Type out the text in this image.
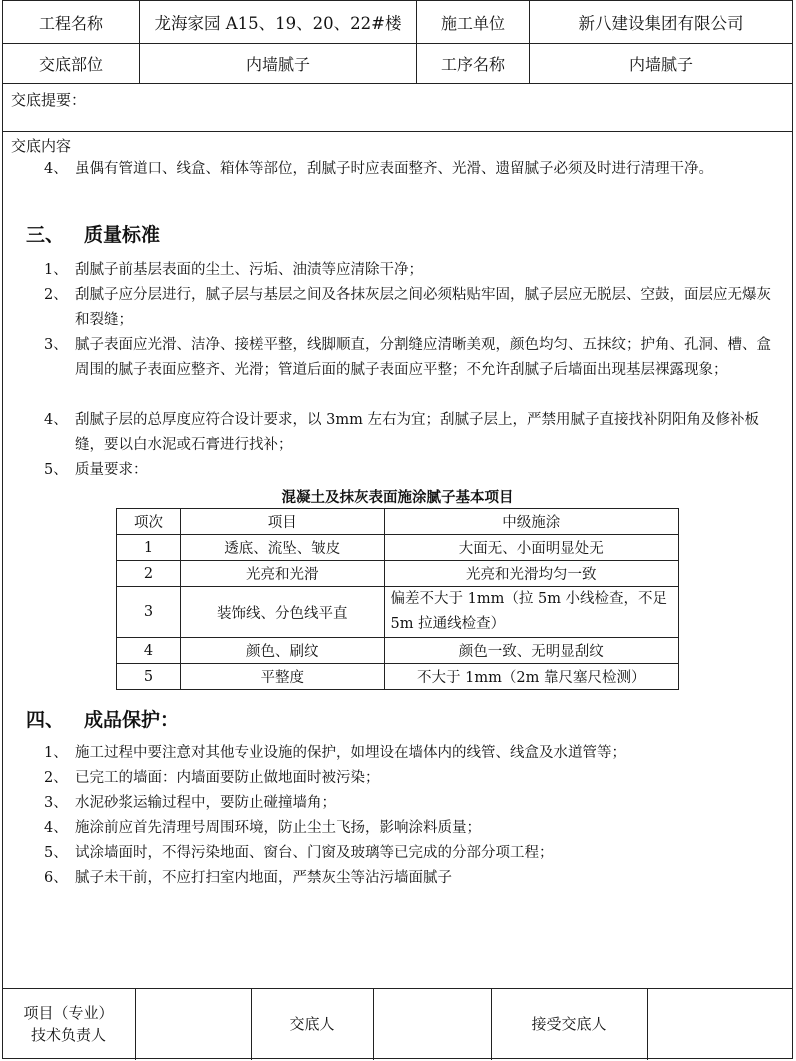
工程名称	龙海家园 A15、19、20、22#楼	施工单位	新八建设集团有限公司
交底部位	内墙腻子	工序名称	内墙腻子
交底提要：
交底内容
4、 虽偶有管道口、线盒、箱体等部位，刮腻子时应表面整齐、光滑、遗留腻子必须及时进行清理干净。
三、 质量标准
1、 刮腻子前基层表面的尘土、污垢、油渍等应清除干净；
2、 刮腻子应分层进行，腻子层与基层之间及各抹灰层之间必须粘贴牢固，腻子层应无脱层、空鼓，面层应无爆灰和裂缝；
3、 腻子表面应光滑、洁净、接槎平整，线脚顺直，分割缝应清晰美观，颜色均匀、五抹纹；护角、孔洞、槽、盒周围的腻子表面应整齐、光滑；管道后面的腻子表面应平整；不允许刮腻子后墙面出现基层裸露现象；
4、 刮腻子层的总厚度应符合设计要求，以 3mm 左右为宜；刮腻子层上，严禁用腻子直接找补阴阳角及修补板缝，要以白水泥或石膏进行找补；
5、 质量要求：
混凝土及抹灰表面施涂腻子基本项目
项次	项目	中级施涂
1	透底、流坠、皱皮	大面无、小面明显处无
2	光亮和光滑	光亮和光滑均匀一致
3	装饰线、分色线平直	偏差不大于 1mm（拉 5m 小线检查，不足 5m 拉通线检查）
4	颜色、刷纹	颜色一致、无明显刮纹
5	平整度	不大于 1mm（2m 靠尺塞尺检测）
四、 成品保护：
1、 施工过程中要注意对其他专业设施的保护，如埋设在墙体内的线管、线盒及水道管等；
2、 已完工的墙面：内墙面要防止做地面时被污染；
3、 水泥砂浆运输过程中，要防止碰撞墙角；
4、 施涂前应首先清理号周围环境，防止尘土飞扬，影响涂料质量；
5、 试涂墙面时，不得污染地面、窗台、门窗及玻璃等已完成的分部分项工程；
6、 腻子未干前，不应打扫室内地面，严禁灰尘等沾污墙面腻子
项目（专业）
技术负责人
交底人	接受交底人
